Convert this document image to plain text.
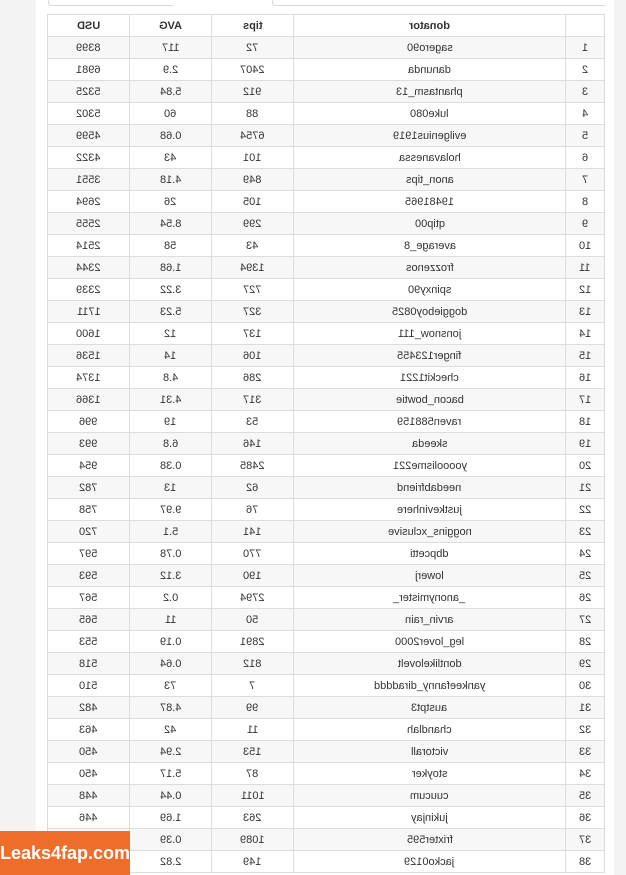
USD	AVG	tips	donator	
8399	117	72	sagero90	1
6981	2.9	2407	danunda	2
5325	5.84	912	phantasm_13	3
5302	60	88	luke080	4
4599	0.68	6754	evilgenius1919	5
4322	43	101	holavanessa	6
3551	4.18	849	anon_tips	7
2694	26	105	19481965	8
2555	8.54	299	qtip00	9
2514	58	43	average_8	10
2344	1.68	1394	frozzenos	11
2339	3.22	727	spinxy90	12
1711	5.23	327	doggieboy0825	13
1600	12	137	jonsnow_111	14
1536	14	106	finger123455	15
1374	4.8	286	checkit1221	16
1366	4.31	317	bacon_bowtie	17
996	19	53	raven588159	18
993	6.8	146	skeeda	19
954	0.38	2485	yoooolisme221	20
782	13	62	needabfriend	21
758	9.97	76	justkevinhere	22
720	5.1	141	noggins_xclusive	23
597	0.78	770	dbpcetti	24
593	3.12	190	lowerj	25
567	0.2	2794	_anonymister_	26
565	11	50	arvin_rain	27
553	0.19	2891	leg_lover2000	28
518	0.64	812	dontlikelovelt	29
510	73	7	yankeefanny_diradddd	30
482	4.87	99	austpt3	31
463	42	11	chandlah	32
450	2.94	153	victorall	33
450	5.17	87	stoyker	34
448	0.44	1011	cuucum	35
446	1.69	263	jukinjay	36
	0.39	1089	frixter595	37
	2.82	149	jacko0129	38
Leaks4fap.com
